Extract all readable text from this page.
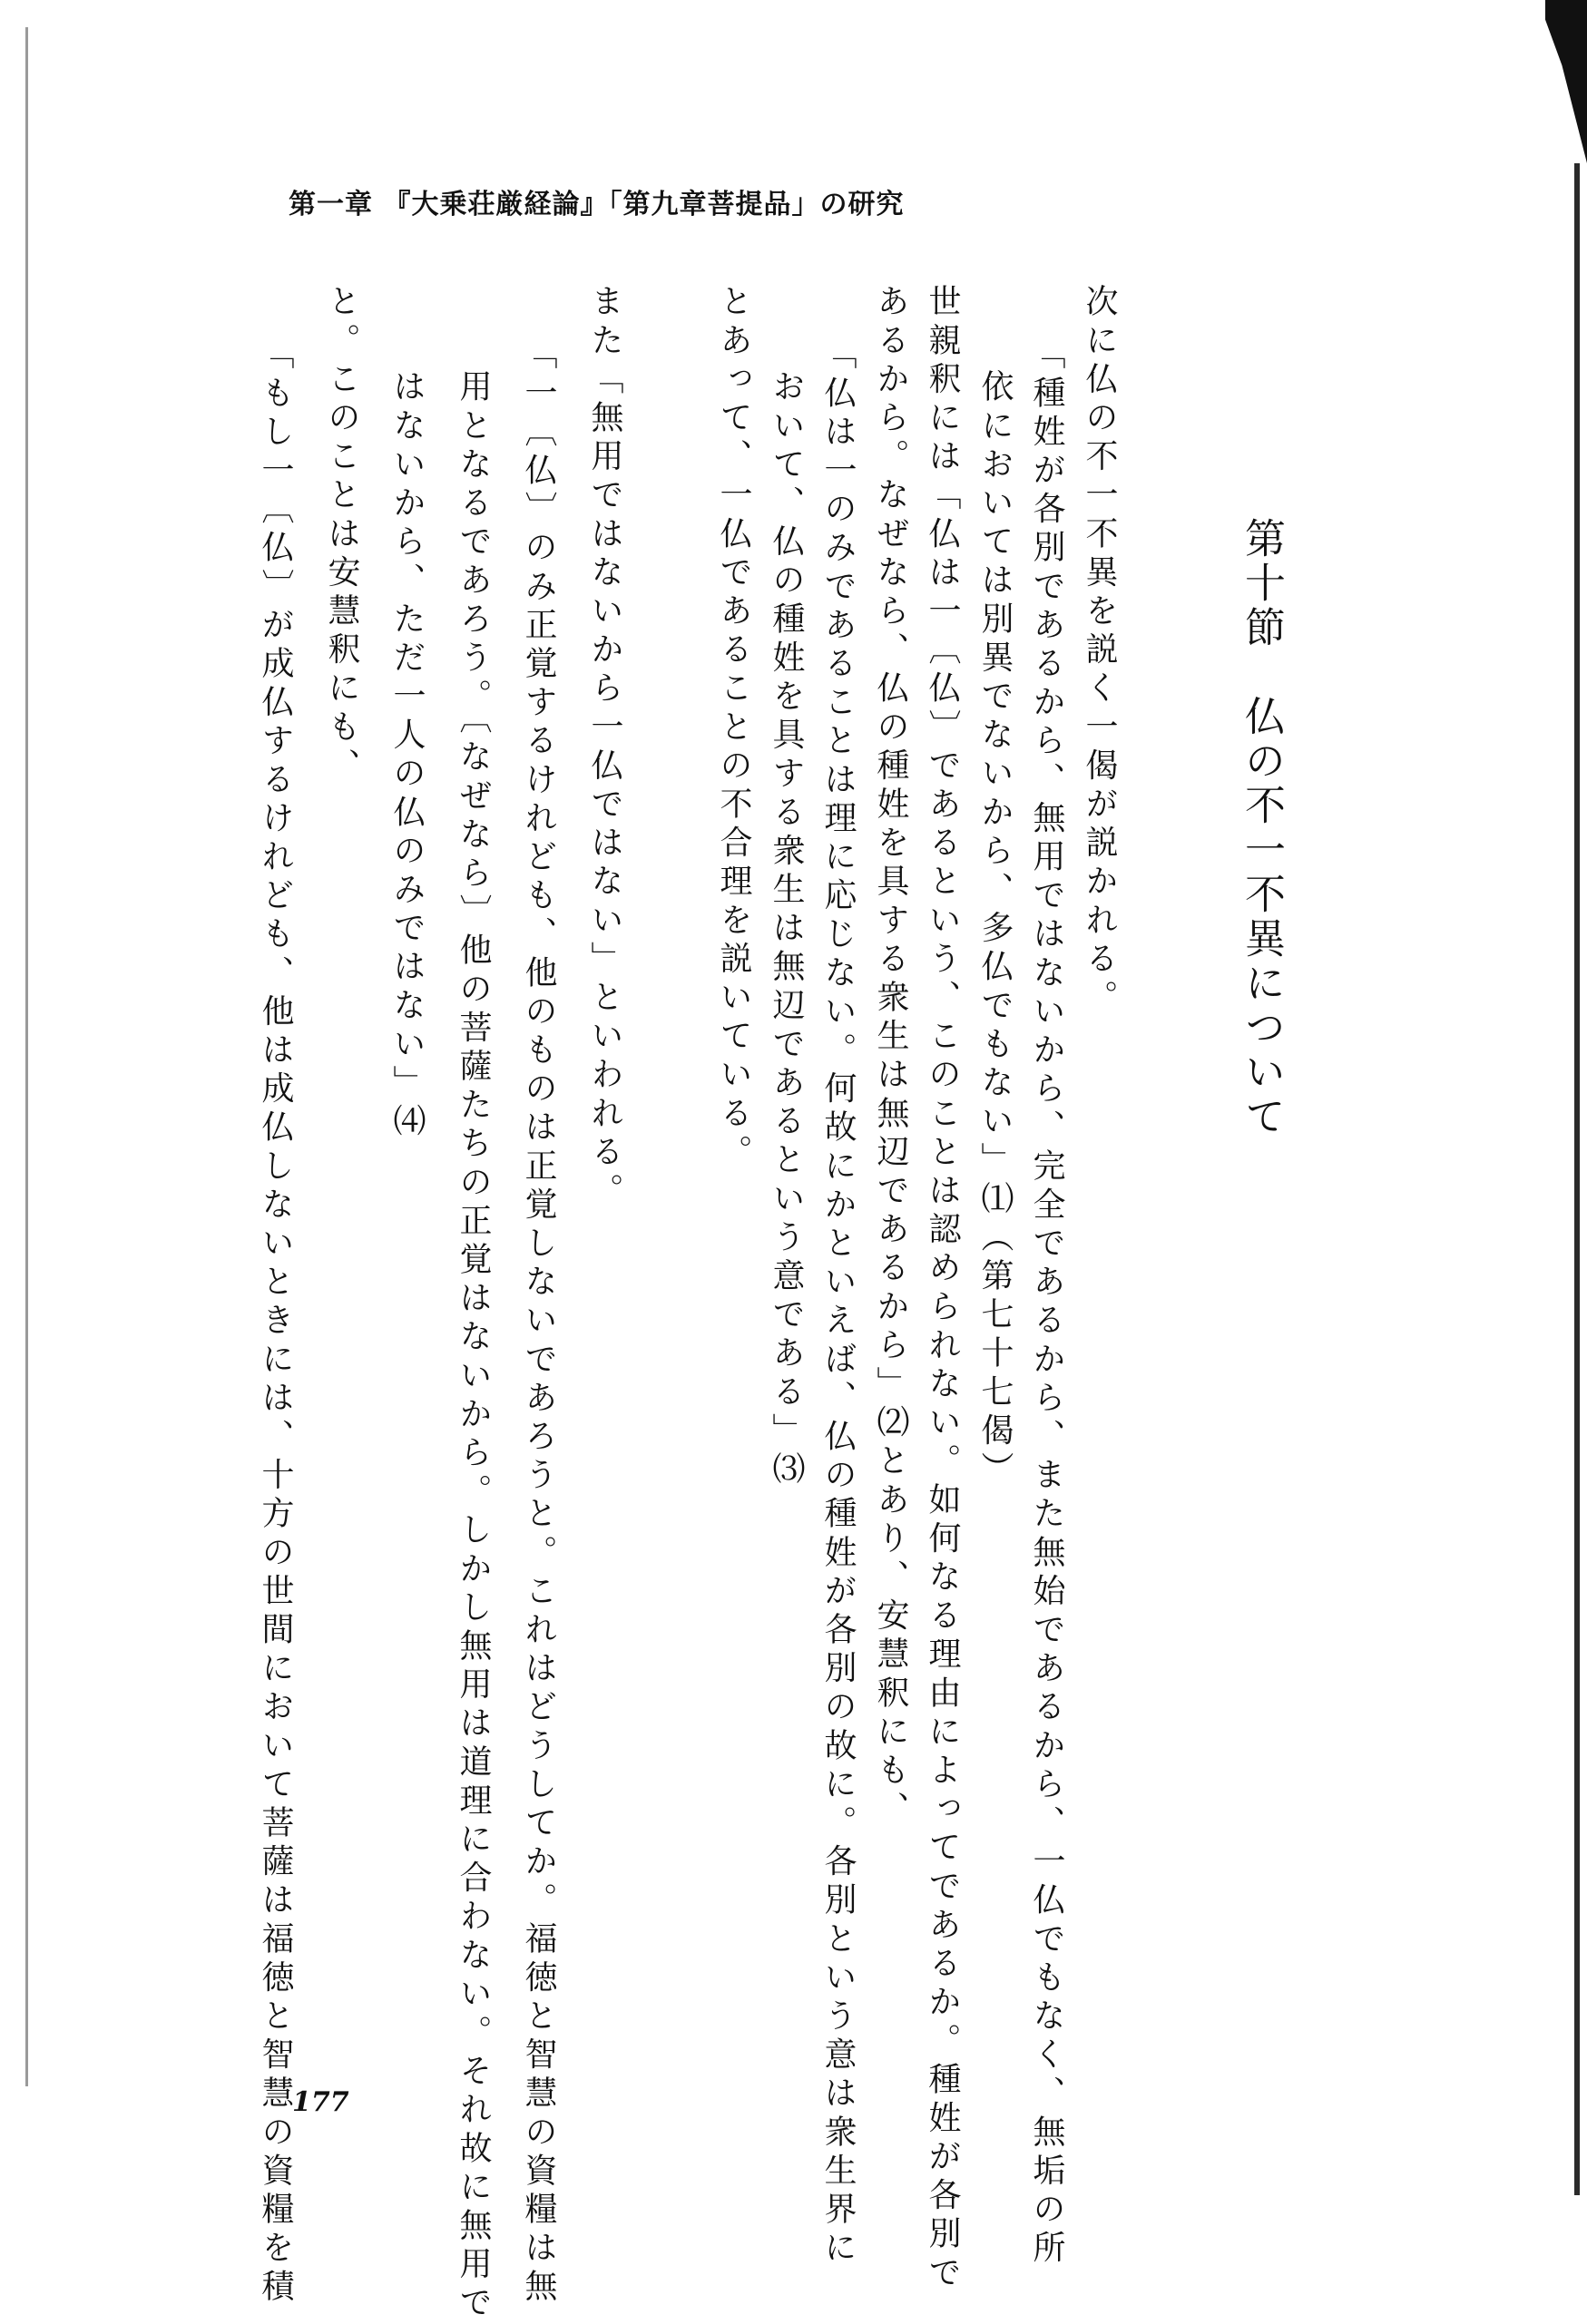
第一章 『大乗荘厳経論』「第九章菩提品」の研究
第十節　仏の不一不異について
次に仏の不一不異を説く一偈が説かれる。
「種姓が各別であるから、無用ではないから、完全であるから、また無始であるから、一仏でもなく、無垢の所
依においては別異でないから、多仏でもない」⑴（第七十七偈）
世親釈には「仏は一〔仏〕であるという、このことは認められない。如何なる理由によってであるか。種姓が各別で
あるから。なぜなら、仏の種姓を具する衆生は無辺であるから」⑵とあり、安慧釈にも、
「仏は一のみであることは理に応じない。何故にかといえば、仏の種姓が各別の故に。各別という意は衆生界に
おいて、仏の種姓を具する衆生は無辺であるという意である」⑶
とあって、一仏であることの不合理を説いている。
また「無用ではないから一仏ではない」といわれる。
「一〔仏〕のみ正覚するけれども、他のものは正覚しないであろうと。これはどうしてか。福徳と智慧の資糧は無
用となるであろう。〔なぜなら〕他の菩薩たちの正覚はないから。しかし無用は道理に合わない。それ故に無用で
はないから、ただ一人の仏のみではない」⑷
と。このことは安慧釈にも、
「もし一〔仏〕が成仏するけれども、他は成仏しないときには、十方の世間において菩薩は福徳と智慧の資糧を積
177
